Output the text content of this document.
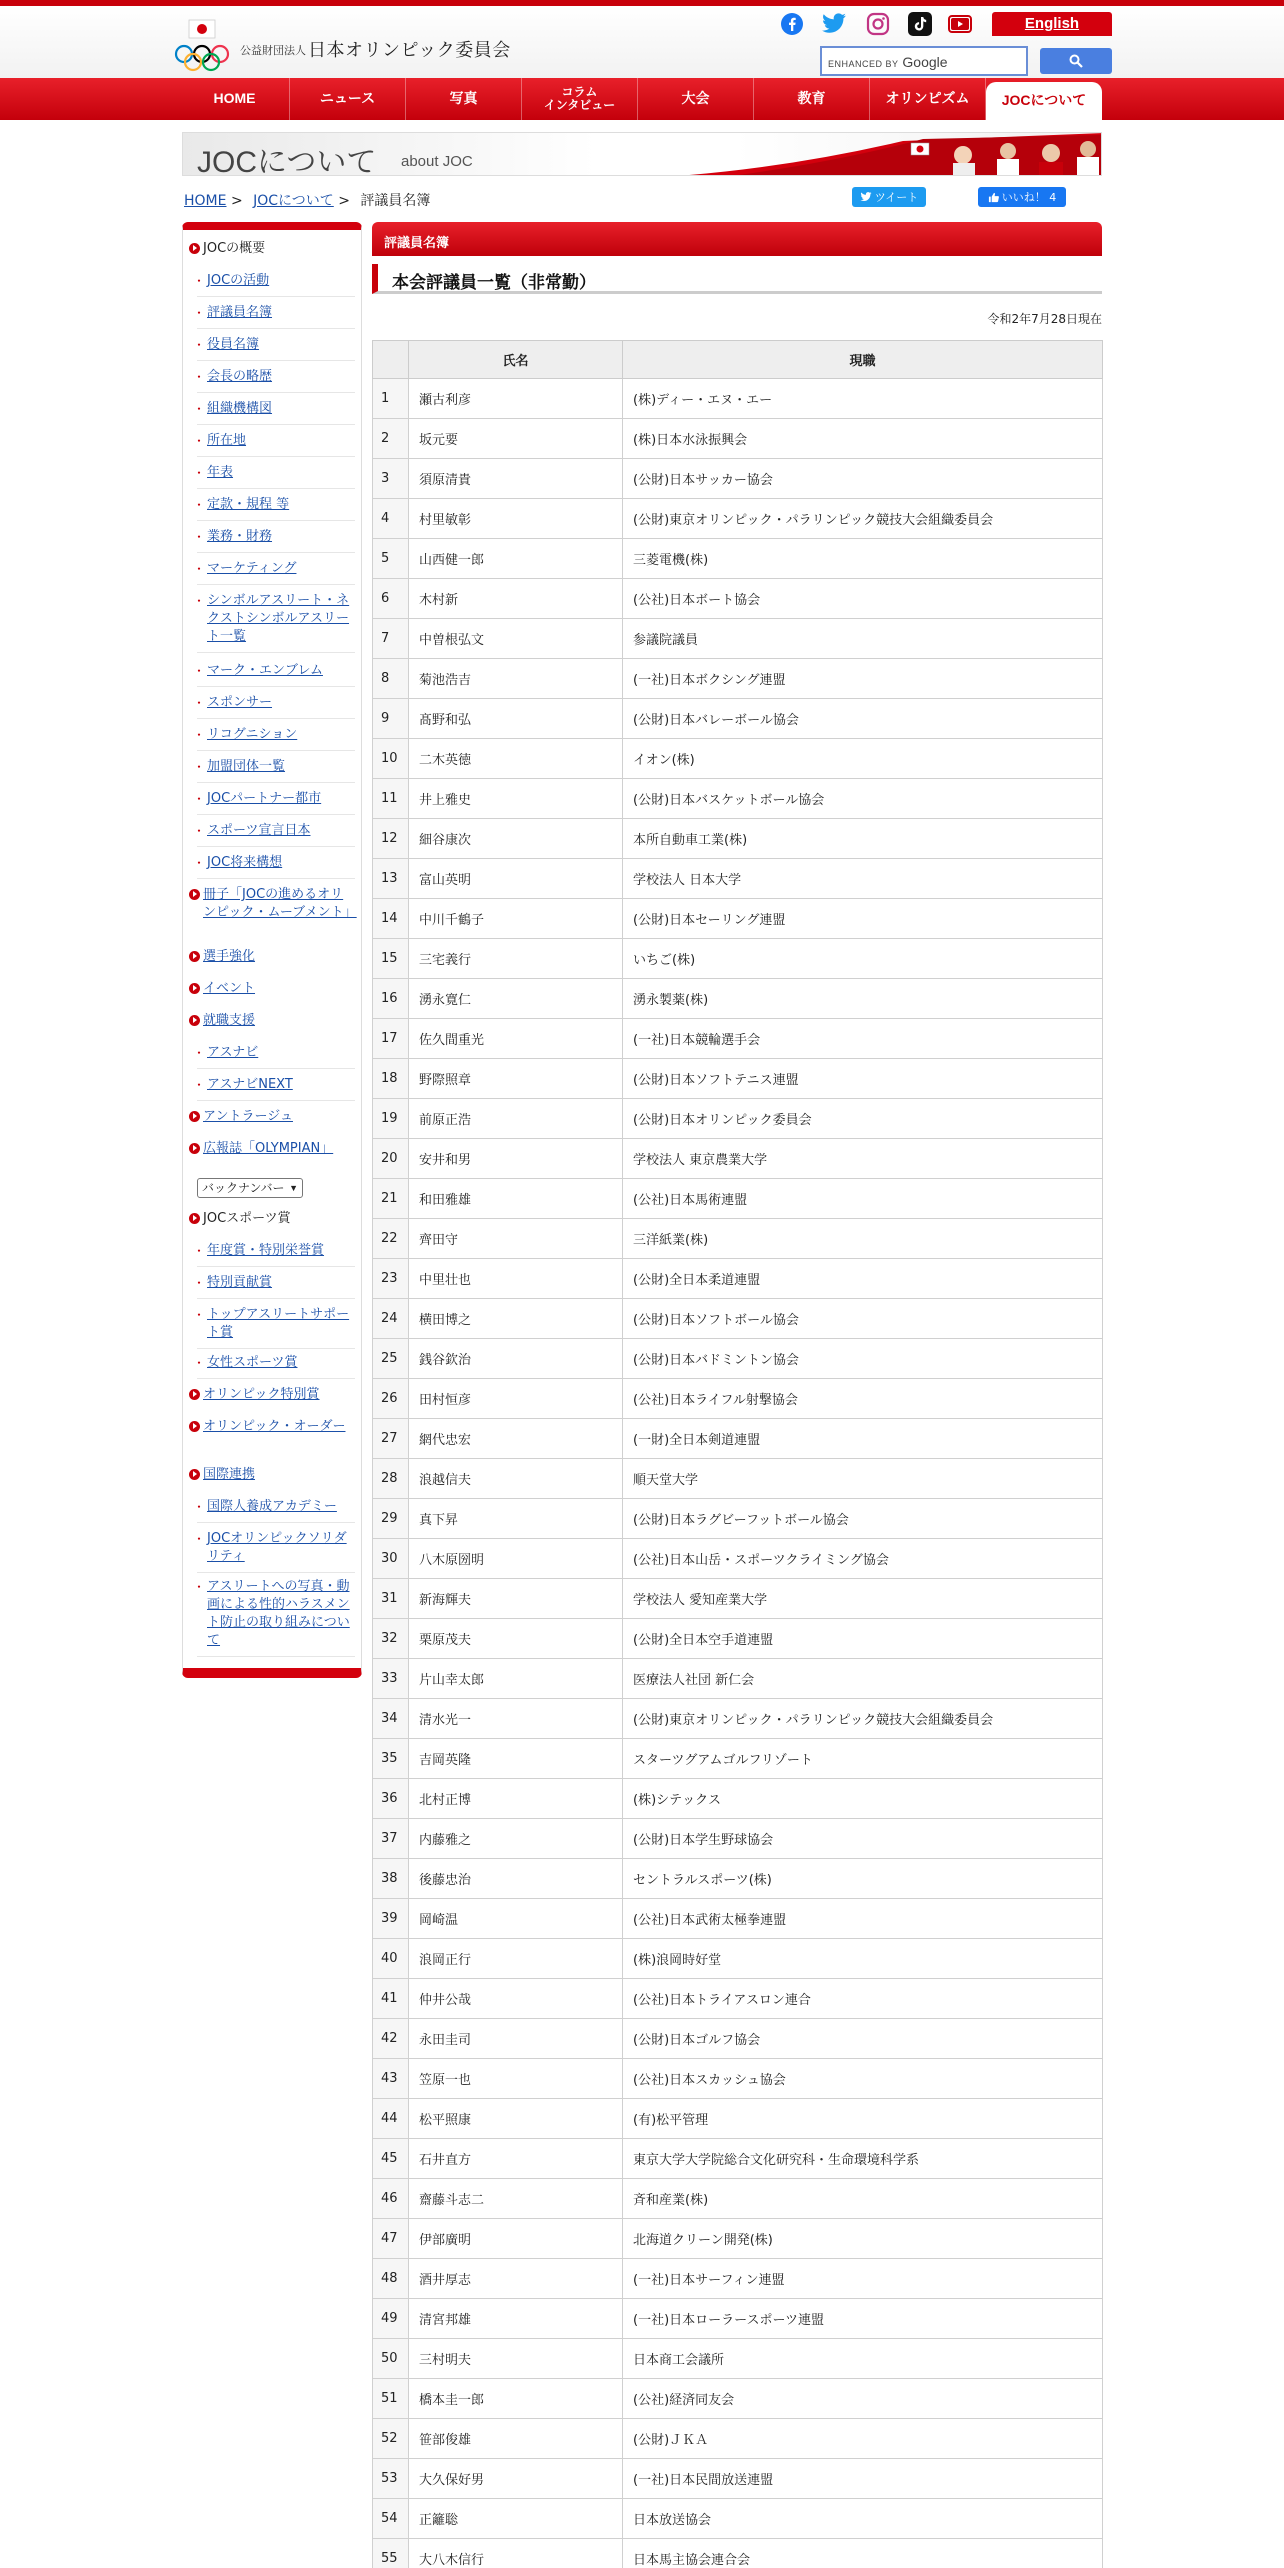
公益財団法人 日本オリンピック委員会
English
ENHANCED BY Google
HOME	ニュース	写真	コラム
インタビュー	大会	教育	オリンピズム JOCについて
JOCについて about JOC
HOME > JOCについて > 評議員名簿	ツイート	いいね！ 4
JOCの概要
・ JOCの活動
・ 評議員名簿
・ 役員名簿
・ 会長の略歴
・ 組織機構図
・ 所在地
・ 年表
・ 定款・規程 等
・ 業務・財務
・ マーケティング
・ シンボルアスリート・ネクストシンボルアスリート一覧
・ マーク・エンブレム
・ スポンサー
・ リコグニション
・ 加盟団体一覧
・ JOCパートナー都市
・ スポーツ宣言日本
・ JOC将来構想
冊子「JOCの進めるオリンピック・ムーブメント」
選手強化
イベント
就職支援
・ アスナビ
・ アスナビNEXT
アントラージュ
広報誌「OLYMPIAN」
JOCスポーツ賞
・ 年度賞・特別栄誉賞
・ 特別貢献賞
・ トップアスリートサポート賞
・ 女性スポーツ賞
オリンピック特別賞
オリンピック・オーダー
国際連携
・ 国際人養成アカデミー
・ JOCオリンピックソリダリティ
・ アスリートへの写真・動画による性的ハラスメント防止の取り組みについて
バックナンバー ▼
評議員名簿
本会評議員一覧（非常勤）
令和2年7月28日現在
	氏名	現職
1	瀬古利彦	(株)ディー・エヌ・エー
2	坂元要	(株)日本水泳振興会
3	須原清貴	(公財)日本サッカー協会
4	村里敏彰	(公財)東京オリンピック・パラリンピック競技大会組織委員会
5	山西健一郎	三菱電機(株)
6	木村新	(公社)日本ボート協会
7	中曽根弘文	参議院議員
8	菊池浩吉	(一社)日本ボクシング連盟
9	髙野和弘	(公財)日本バレーボール協会
10	二木英徳	イオン(株)
11	井上雅史	(公財)日本バスケットボール協会
12	細谷康次	本所自動車工業(株)
13	富山英明	学校法人 日本大学
14	中川千鶴子	(公財)日本セーリング連盟
15	三宅義行	いちご(株)
16	湧永寛仁	湧永製薬(株)
17	佐久間重光	(一社)日本競輪選手会
18	野際照章	(公財)日本ソフトテニス連盟
19	前原正浩	(公財)日本オリンピック委員会
20	安井和男	学校法人 東京農業大学
21	和田雅雄	(公社)日本馬術連盟
22	齊田守	三洋紙業(株)
23	中里壮也	(公財)全日本柔道連盟
24	横田博之	(公財)日本ソフトボール協会
25	銭谷欽治	(公財)日本バドミントン協会
26	田村恒彦	(公社)日本ライフル射撃協会
27	網代忠宏	(一財)全日本剣道連盟
28	浪越信夫	順天堂大学
29	真下昇	(公財)日本ラグビーフットボール協会
30	八木原圀明	(公社)日本山岳・スポーツクライミング協会
31	新海輝夫	学校法人 愛知産業大学
32	栗原茂夫	(公財)全日本空手道連盟
33	片山幸太郎	医療法人社団 新仁会
34	清水光一	(公財)東京オリンピック・パラリンピック競技大会組織委員会
35	吉岡英隆	スターツグアムゴルフリゾート
36	北村正博	(株)シテックス
37	内藤雅之	(公財)日本学生野球協会
38	後藤忠治	セントラルスポーツ(株)
39	岡崎温	(公社)日本武術太極拳連盟
40	浪岡正行	(株)浪岡時好堂
41	仲井公哉	(公社)日本トライアスロン連合
42	永田圭司	(公財)日本ゴルフ協会
43	笠原一也	(公社)日本スカッシュ協会
44	松平照康	(有)松平管理
45	石井直方	東京大学大学院総合文化研究科・生命環境科学系
46	齋藤斗志二	斉和産業(株)
47	伊部廣明	北海道クリーン開発(株)
48	酒井厚志	(一社)日本サーフィン連盟
49	清宮邦雄	(一社)日本ローラースポーツ連盟
50	三村明夫	日本商工会議所
51	橋本圭一郎	(公社)経済同友会
52	笹部俊雄	(公財)ＪＫＡ
53	大久保好男	(一社)日本民間放送連盟
54	正籬聡	日本放送協会
55	大八木信行	日本馬主協会連合会
